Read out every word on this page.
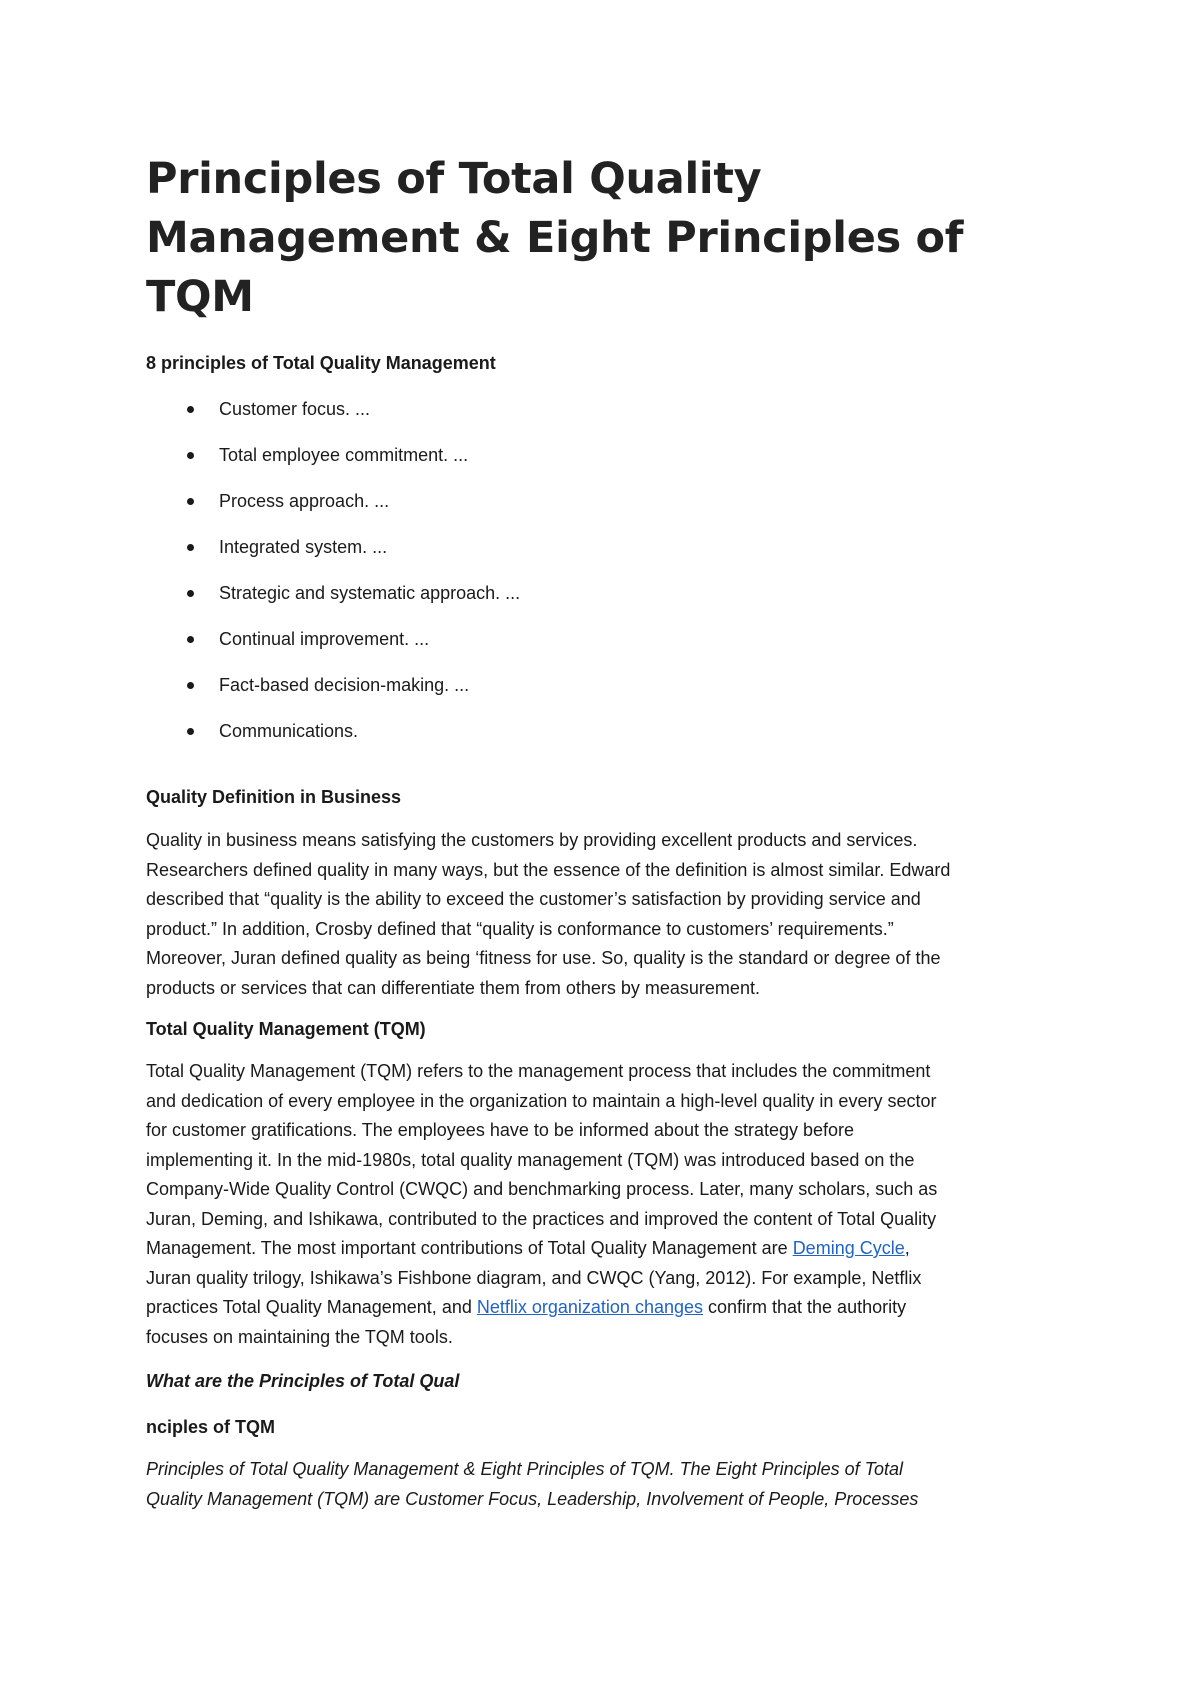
Principles of Total Quality
Management & Eight Principles of
TQM

8 principles of Total Quality Management

Customer focus. ...
Total employee commitment. ...
Process approach. ...
Integrated system. ...
Strategic and systematic approach. ...
Continual improvement. ...
Fact-based decision-making. ...
Communications.

Quality Definition in Business

Quality in business means satisfying the customers by providing excellent products and services.
Researchers defined quality in many ways, but the essence of the definition is almost similar. Edward
described that “quality is the ability to exceed the customer’s satisfaction by providing service and
product.” In addition, Crosby defined that “quality is conformance to customers’ requirements.”
Moreover, Juran defined quality as being ‘fitness for use. So, quality is the standard or degree of the
products or services that can differentiate them from others by measurement.

Total Quality Management (TQM)

Total Quality Management (TQM) refers to the management process that includes the commitment
and dedication of every employee in the organization to maintain a high-level quality in every sector
for customer gratifications. The employees have to be informed about the strategy before
implementing it. In the mid-1980s, total quality management (TQM) was introduced based on the
Company-Wide Quality Control (CWQC) and benchmarking process. Later, many scholars, such as
Juran, Deming, and Ishikawa, contributed to the practices and improved the content of Total Quality
Management. The most important contributions of Total Quality Management are Deming Cycle,
Juran quality trilogy, Ishikawa’s Fishbone diagram, and CWQC (Yang, 2012). For example, Netflix
practices Total Quality Management, and Netflix organization changes confirm that the authority
focuses on maintaining the TQM tools.

What are the Principles of Total Qual

nciples of TQM

Principles of Total Quality Management & Eight Principles of TQM. The Eight Principles of Total
Quality Management (TQM) are Customer Focus, Leadership, Involvement of People, Processes
